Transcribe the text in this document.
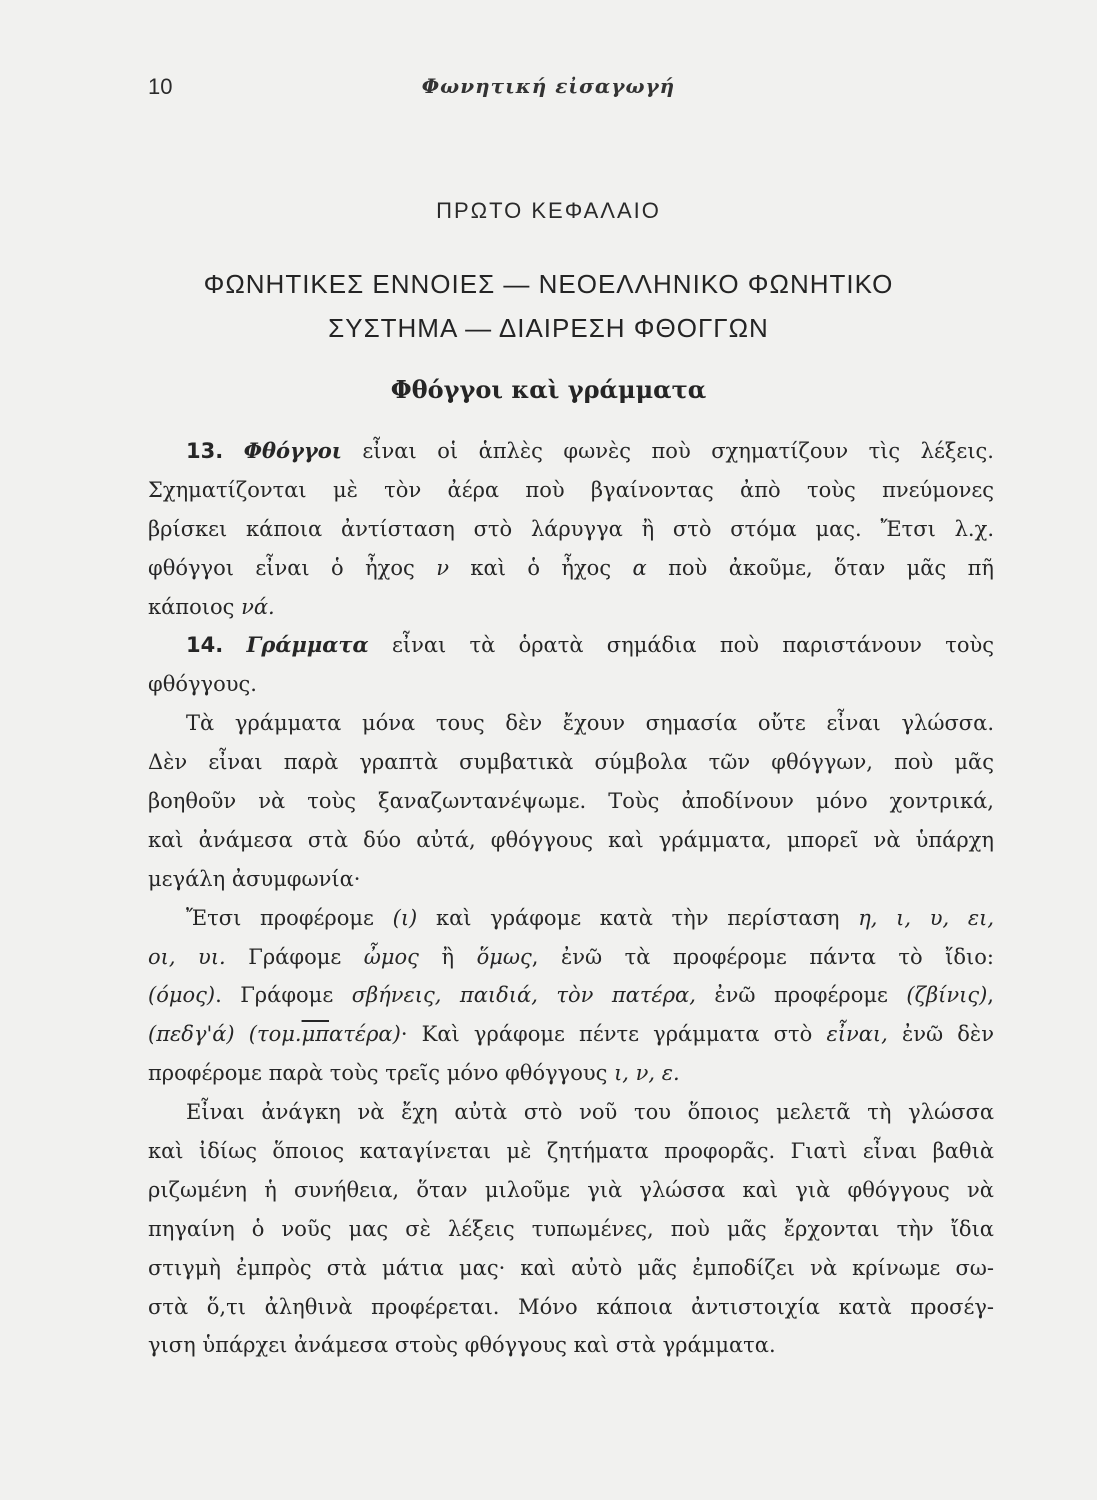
10	Φωνητική εἰσαγωγή
ΠΡΩΤΟ ΚΕΦΑΛΑΙΟ
ΦΩΝΗΤΙΚΕΣ ΕΝΝΟΙΕΣ — ΝΕΟΕΛΛΗΝΙΚΟ ΦΩΝΗΤΙΚΟ
ΣΥΣΤΗΜΑ — ΔΙΑΙΡΕΣΗ ΦΘΟΓΓΩΝ
Φθόγγοι καὶ γράμματα
13. Φθόγγοι εἶναι οἱ ἁπλὲς φωνὲς ποὺ σχηματίζουν τὶς λέξεις.
Σχηματίζονται μὲ τὸν ἀέρα ποὺ βγαίνοντας ἀπὸ τοὺς πνεύμονες
βρίσκει κάποια ἀντίσταση στὸ λάρυγγα ἢ στὸ στόμα μας. Ἔτσι λ.χ.
φθόγγοι εἶναι ὁ ἦχος ν καὶ ὁ ἦχος α ποὺ ἀκοῦμε, ὅταν μᾶς πῆ
κάποιος νά.
14. Γράμματα εἶναι τὰ ὁρατὰ σημάδια ποὺ παριστάνουν τοὺς
φθόγγους.
Τὰ γράμματα μόνα τους δὲν ἔχουν σημασία οὔτε εἶναι γλώσσα.
Δὲν εἶναι παρὰ γραπτὰ συμβατικὰ σύμβολα τῶν φθόγγων, ποὺ μᾶς
βοηθοῦν νὰ τοὺς ξαναζωντανέψωμε. Τοὺς ἀποδίνουν μόνο χοντρικά,
καὶ ἀνάμεσα στὰ δύο αὐτά, φθόγγους καὶ γράμματα, μπορεῖ νὰ ὑπάρχη
μεγάλη ἀσυμφωνία·
Ἔτσι προφέρομε (ι) καὶ γράφομε κατὰ τὴν περίσταση η, ι, υ, ει,
οι, υι. Γράφομε ὦμος ἢ ὅμως, ἐνῶ τὰ προφέρομε πάντα τὸ ἴδιο:
(όμος). Γράφομε σβήνεις, παιδιά, τὸν πατέρα, ἐνῶ προφέρομε (ζβίνις),
(πεδγ'ά) $(\tau o\mu.\overline{\mu\pi}\alpha\tau έ\rho\alpha)\cdot$ Καὶ γράφομε πέντε γράμματα στὸ εἶναι, ἐνῶ δὲν
προφέρομε παρὰ τοὺς τρεῖς μόνο φθόγγους ι, ν, ε.
Εἶναι ἀνάγκη νὰ ἔχη αὐτὰ στὸ νοῦ του ὅποιος μελετᾶ τὴ γλώσσα
καὶ ἰδίως ὅποιος καταγίνεται μὲ ζητήματα προφορᾶς. Γιατὶ εἶναι βαθιὰ
ριζωμένη ἡ συνήθεια, ὅταν μιλοῦμε γιὰ γλώσσα καὶ γιὰ φθόγγους νὰ
πηγαίνη ὁ νοῦς μας σὲ λέξεις τυπωμένες, ποὺ μᾶς ἔρχονται τὴν ἴδια
στιγμὴ ἐμπρὸς στὰ μάτια μας· καὶ αὐτὸ μᾶς ἐμποδίζει νὰ κρίνωμε σω-
στὰ ὅ,τι ἀληθινὰ προφέρεται. Μόνο κάποια ἀντιστοιχία κατὰ προσέγ-
γιση ὑπάρχει ἀνάμεσα στοὺς φθόγγους καὶ στὰ γράμματα.
